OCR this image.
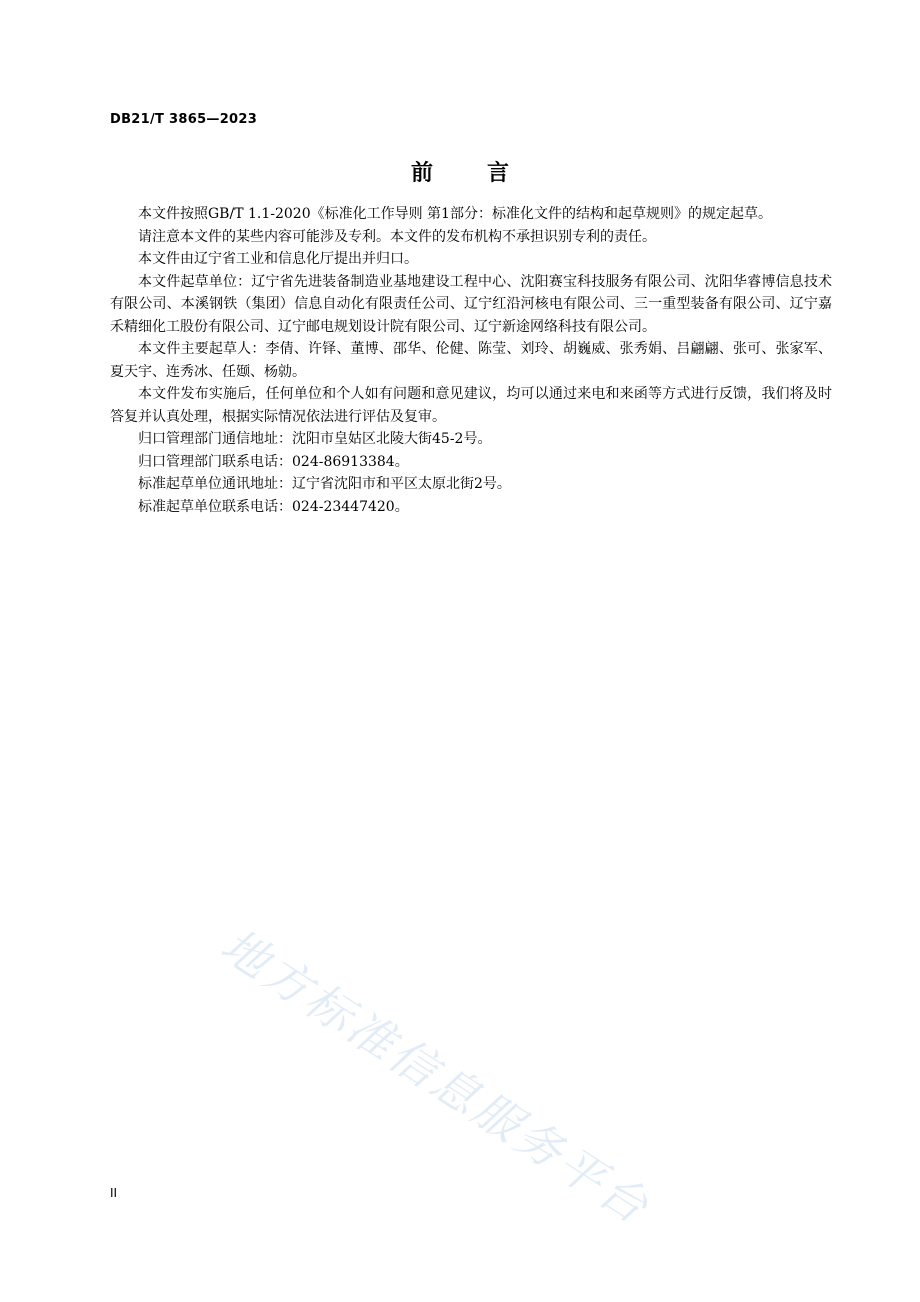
DB21/T 3865—2023
前言

本文件按照GB/T 1.1-2020《标准化工作导则 第1部分：标准化文件的结构和起草规则》的规定起草。

请注意本文件的某些内容可能涉及专利。本文件的发布机构不承担识别专利的责任。

本文件由辽宁省工业和信息化厅提出并归口。

本文件起草单位：辽宁省先进装备制造业基地建设工程中心、沈阳赛宝科技服务有限公司、沈阳华睿博信息技术有限公司、本溪钢铁（集团）信息自动化有限责任公司、辽宁红沿河核电有限公司、三一重型装备有限公司、辽宁嘉禾精细化工股份有限公司、辽宁邮电规划设计院有限公司、辽宁新途网络科技有限公司。

本文件主要起草人：李倩、许铎、董博、邵华、伦健、陈莹、刘玲、胡巍威、张秀娟、吕翩翩、张可、张家军、夏天宇、连秀冰、任颋、杨勍。

本文件发布实施后，任何单位和个人如有问题和意见建议，均可以通过来电和来函等方式进行反馈，我们将及时答复并认真处理，根据实际情况依法进行评估及复审。

归口管理部门通信地址：沈阳市皇姑区北陵大街45-2号。

归口管理部门联系电话：024-86913384。

标准起草单位通讯地址：辽宁省沈阳市和平区太原北街2号。

标准起草单位联系电话：024-23447420。

地方标准信息服务平台
II
